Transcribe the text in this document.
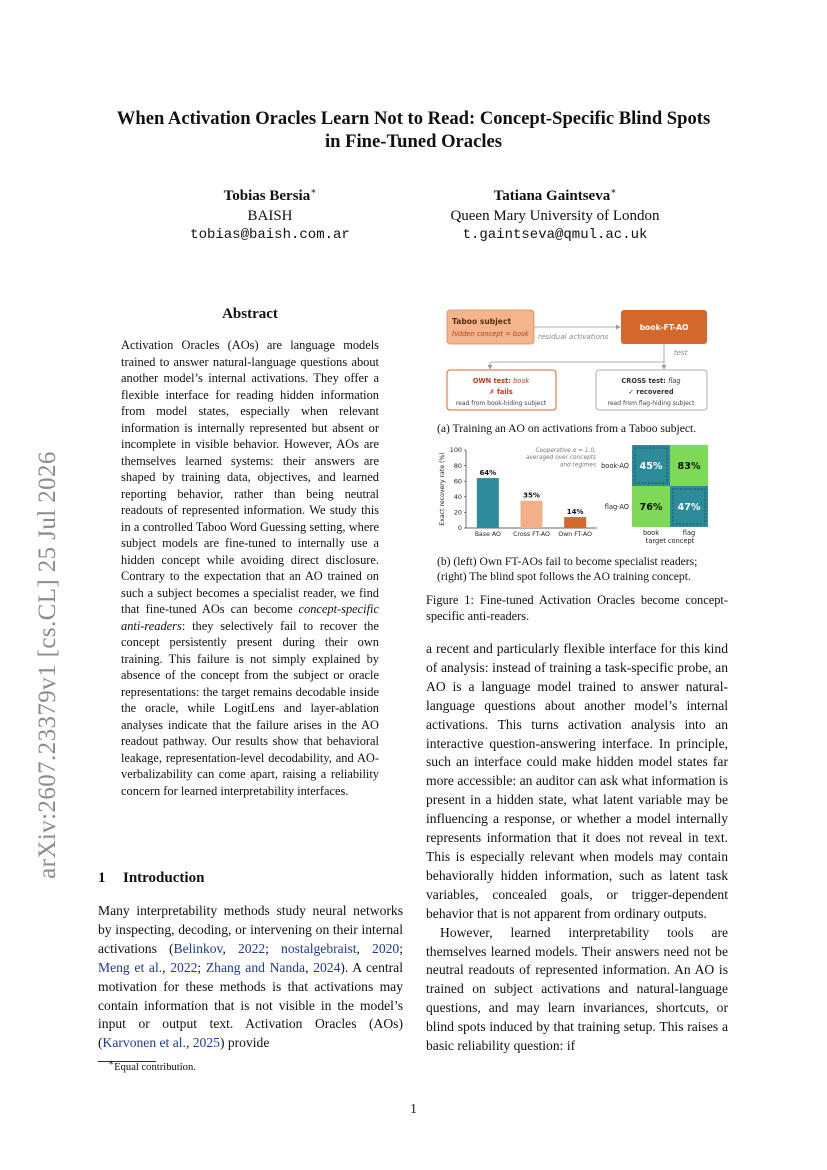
arXiv:2607.23379v1 [cs.CL] 25 Jul 2026
When Activation Oracles Learn Not to Read: Concept-Specific Blind Spots
in Fine-Tuned Oracles
Tobias Bersia∗
BAISH
tobias@baish.com.ar
Tatiana Gaintseva∗
Queen Mary University of London
t.gaintseva@qmul.ac.uk
Abstract
Activation Oracles (AOs) are language models trained to answer natural-language questions about another model’s internal activations. They offer a flexible interface for reading hidden information from model states, especially when relevant information is internally represented but absent or incomplete in visible behavior. However, AOs are themselves learned systems: their answers are shaped by training data, objectives, and learned reporting behavior, rather than being neutral readouts of represented information. We study this in a controlled Taboo Word Guessing setting, where subject models are fine-tuned to internally use a hidden concept while avoiding direct disclosure. Contrary to the expectation that an AO trained on such a subject becomes a specialist reader, we find that fine-tuned AOs can become concept-specific anti-readers: they selectively fail to recover the concept persistently present during their own training. This failure is not simply explained by absence of the concept from the subject or oracle representations: the target remains decodable inside the oracle, while LogitLens and layer-ablation analyses indicate that the failure arises in the AO readout pathway. Our results show that behavioral leakage, representation-level decodability, and AO-verbalizability can come apart, raising a reliability concern for learned interpretability interfaces.
1 Introduction

Many interpretability methods study neural networks by inspecting, decoding, or intervening on their internal activations (Belinkov, 2022; nostalgebraist, 2020; Meng et al., 2022; Zhang and Nanda, 2024). A central motivation for these methods is that activations may contain information that is not visible in the model’s input or output text. Activation Oracles (AOs) (Karvonen et al., 2025) provide

∗Equal contribution.

a recent and particularly flexible interface for this kind of analysis: instead of training a task-specific probe, an AO is a language model trained to answer natural-language questions about another model’s internal activations. This turns activation analysis into an interactive question-answering interface. In principle, such an interface could make hidden model states far more accessible: an auditor can ask what information is present in a hidden state, what latent variable may be influencing a response, or whether a model internally represents information that it does not reveal in text. This is especially relevant when models may contain behaviorally hidden information, such as latent task variables, concealed goals, or trigger-dependent behavior that is not apparent from ordinary outputs.

However, learned interpretability tools are themselves learned models. Their answers need not be neutral readouts of represented information. An AO is trained on subject activations and natural-language questions, and may learn invariances, shortcuts, or blind spots induced by that training setup. This raises a basic reliability question: if

Taboo subject
hidden concept = book residual activations
book-FT-AO
test
OWN test: book
✗ fails
read from book-hiding subject
CROSS test: flag
✓ recovered
read from flag-hiding subject
(a) Training an AO on activations from a Taboo subject.
0
20
40
60
80
100
Exact recovery rate (%)	64%
Base AO
35%
Cross FT-AO
14%
Own FT-AO
Cooperative α = 1.0,
averaged over concepts
and regimes book-AO
flag-AO
45% 83%
76% 47%
book	flag
target concept
(b) (left) Own FT-AOs fail to become specialist readers; (right) The blind spot follows the AO training concept.
Figure 1: Fine-tuned Activation Oracles become concept-specific anti-readers.
1
